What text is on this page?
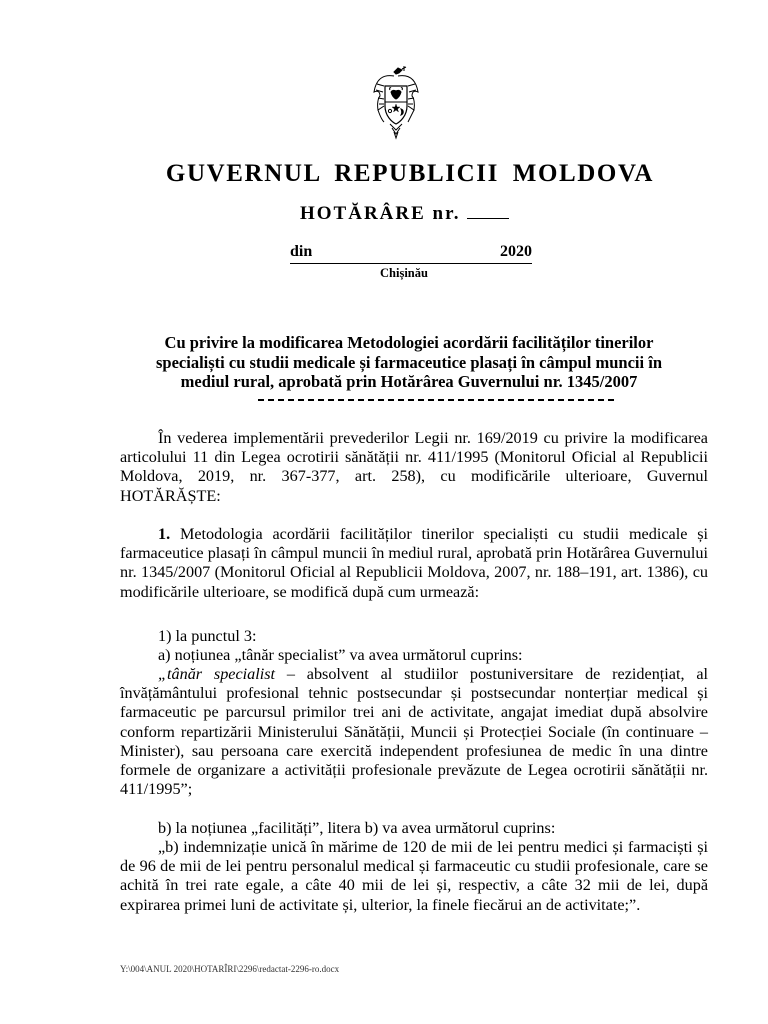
GUVERNUL REPUBLICII MOLDOVA
HOTĂRÂRE nr.
din	2020
Chișinău
Cu privire la modificarea Metodologiei acordării facilităților tinerilor specialiști cu studii medicale și farmaceutice plasați în câmpul muncii în mediul rural, aprobată prin Hotărârea Guvernului nr. 1345/2007

În vederea implementării prevederilor Legii nr. 169/2019 cu privire la modificarea articolului 11 din Legea ocrotirii sănătății nr. 411/1995 (Monitorul Oficial al Republicii Moldova, 2019, nr. 367-377, art. 258), cu modificările ulterioare, Guvernul HOTĂRĂȘTE:

1. Metodologia acordării facilităților tinerilor specialiști cu studii medicale și farmaceutice plasați în câmpul muncii în mediul rural, aprobată prin Hotărârea Guvernului nr. 1345/2007 (Monitorul Oficial al Republicii Moldova, 2007, nr. 188–191, art. 1386), cu modificările ulterioare, se modifică după cum urmează:

1) la punctul 3:

a) noțiunea „tânăr specialist” va avea următorul cuprins:

„tânăr specialist – absolvent al studiilor postuniversitare de rezidențiat, al învățământului profesional tehnic postsecundar și postsecundar nonterțiar medical și farmaceutic pe parcursul primilor trei ani de activitate, angajat imediat după absolvire conform repartizării Ministerului Sănătății, Muncii și Protecției Sociale (în continuare – Minister), sau persoana care exercită independent profesiunea de medic în una dintre formele de organizare a activității profesionale prevăzute de Legea ocrotirii sănătății nr. 411/1995”;

b) la noțiunea „facilități”, litera b) va avea următorul cuprins:

„b) indemnizație unică în mărime de 120 de mii de lei pentru medici și farmaciști și de 96 de mii de lei pentru personalul medical și farmaceutic cu studii profesionale, care se achită în trei rate egale, a câte 40 mii de lei și, respectiv, a câte 32 mii de lei, după expirarea primei luni de activitate și, ulterior, la finele fiecărui an de activitate;”.

Y:\004\ANUL 2020\HOTARÎRI\2296\redactat-2296-ro.docx
